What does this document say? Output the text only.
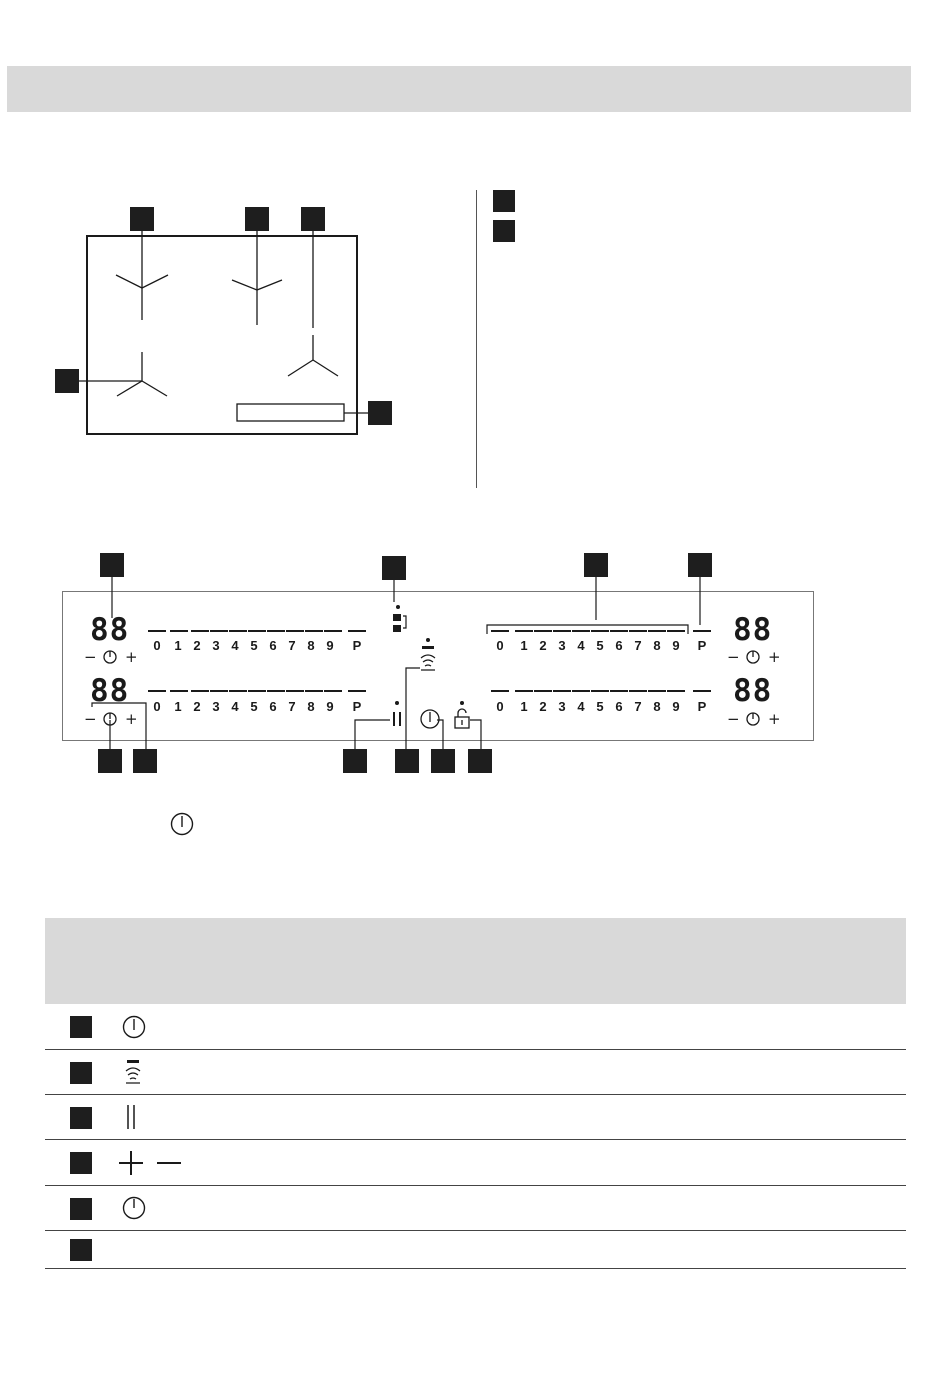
88
88
88
88
− +
− +
− +
− +
0	1 2 3 4 5 6 7 8 9	P
0	1 2 3 4 5 6 7 8 9	P
0	1 2 3 4 5 6 7 8 9	P
0	1 2 3 4 5 6 7 8 9	P
